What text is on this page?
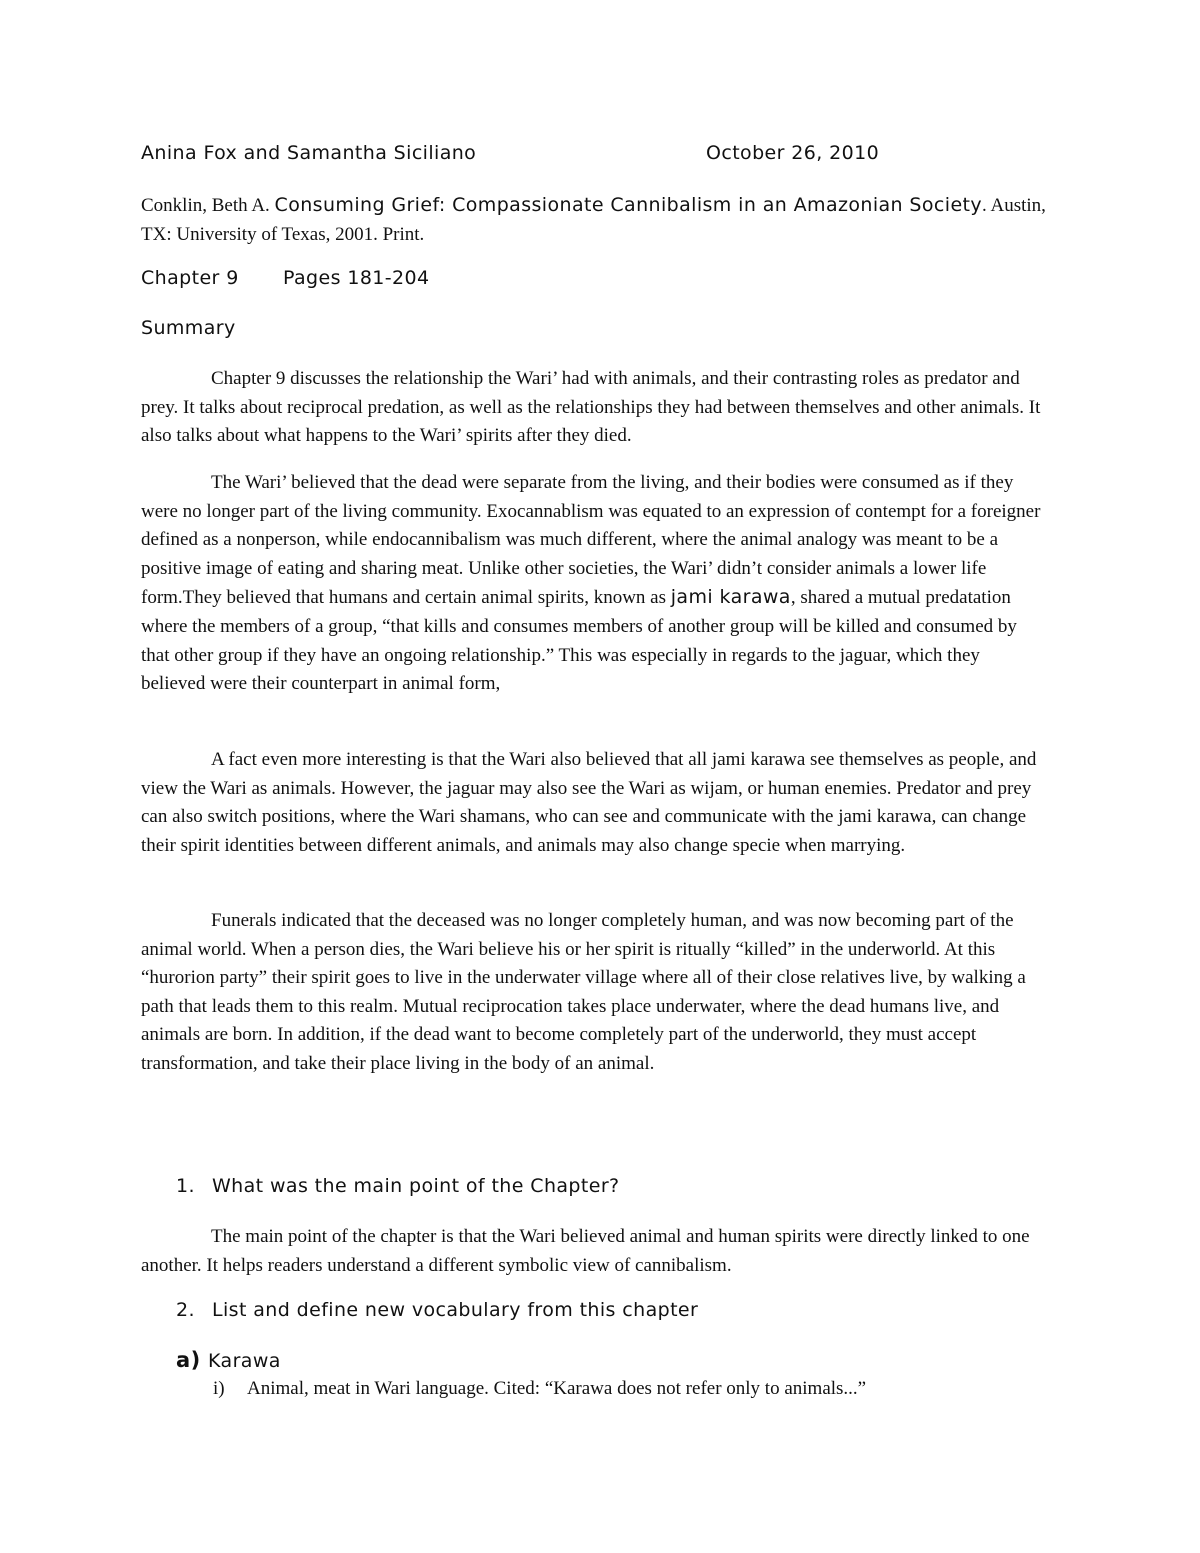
Anina Fox and Samantha Siciliano	October 26, 2010
Conklin, Beth A. Consuming Grief: Compassionate Cannibalism in an Amazonian Society. Austin, TX: University of Texas, 2001. Print.
Chapter 9 Pages 181-204
Summary
Chapter 9 discusses the relationship the Wari’ had with animals, and their contrasting roles as predator and prey. It talks about reciprocal predation, as well as the relationships they had between themselves and other animals. It also talks about what happens to the Wari’ spirits after they died.
The Wari’ believed that the dead were separate from the living, and their bodies were consumed as if they were no longer part of the living community. Exocannablism was equated to an expression of contempt for a foreigner defined as a nonperson, while endocannibalism was much different, where the animal analogy was meant to be a positive image of eating and sharing meat. Unlike other societies, the Wari’ didn’t consider animals a lower life form.They believed that humans and certain animal spirits, known as jami karawa, shared a mutual predatation where the members of a group, “that kills and consumes members of another group will be killed and consumed by that other group if they have an ongoing relationship.” This was especially in regards to the jaguar, which they believed were their counterpart in animal form,
A fact even more interesting is that the Wari also believed that all jami karawa see themselves as people, and view the Wari as animals. However, the jaguar may also see the Wari as wijam, or human enemies. Predator and prey can also switch positions, where the Wari shamans, who can see and communicate with the jami karawa, can change their spirit identities between different animals, and animals may also change specie when marrying.
Funerals indicated that the deceased was no longer completely human, and was now becoming part of the animal world. When a person dies, the Wari believe his or her spirit is ritually “killed” in the underworld. At this “hurorion party” their spirit goes to live in the underwater village where all of their close relatives live, by walking a path that leads them to this realm. Mutual reciprocation takes place underwater, where the dead humans live, and animals are born. In addition, if the dead want to become completely part of the underworld, they must accept transformation, and take their place living in the body of an animal.
1. What was the main point of the Chapter?
The main point of the chapter is that the Wari believed animal and human spirits were directly linked to one another. It helps readers understand a different symbolic view of cannibalism.
2. List and define new vocabulary from this chapter
a) Karawa
i) Animal, meat in Wari language. Cited: “Karawa does not refer only to animals...”
